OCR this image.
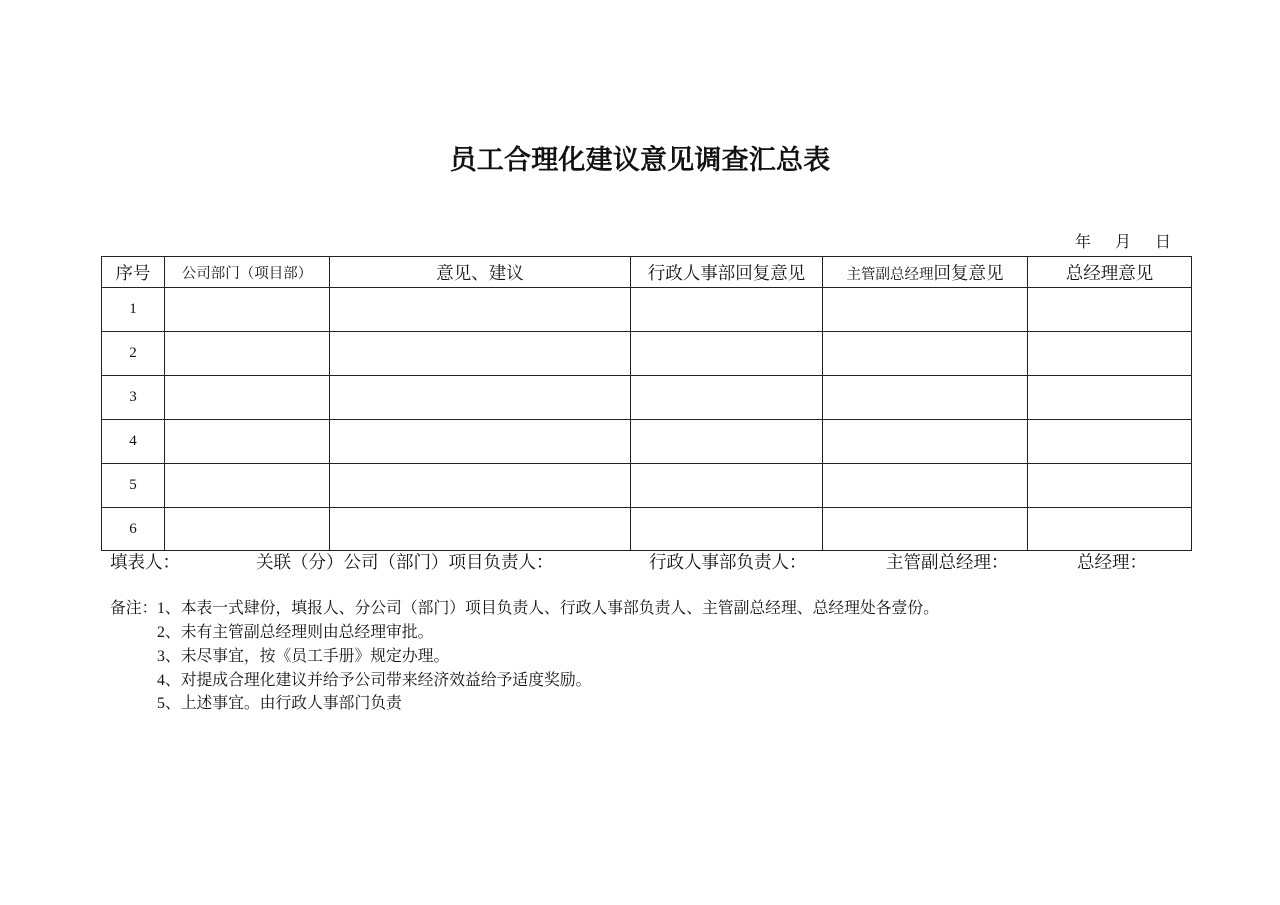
员工合理化建议意见调查汇总表
年 月 日
序号	公司部门（项目部）	意见、建议	行政人事部回复意见	主管副总经理回复意见	总经理意见
1					
2					
3					
4					
5					
6					
填表人：	关联（分）公司（部门）项目负责人：	行政人事部负责人：	主管副总经理：	总经理：
备注： 1、本表一式肆份，填报人、分公司（部门）项目负责人、行政人事部负责人、主管副总经理、总经理处各壹份。
2、未有主管副总经理则由总经理审批。
3、未尽事宜，按《员工手册》规定办理。
4、对提成合理化建议并给予公司带来经济效益给予适度奖励。
5、上述事宜。由行政人事部门负责
